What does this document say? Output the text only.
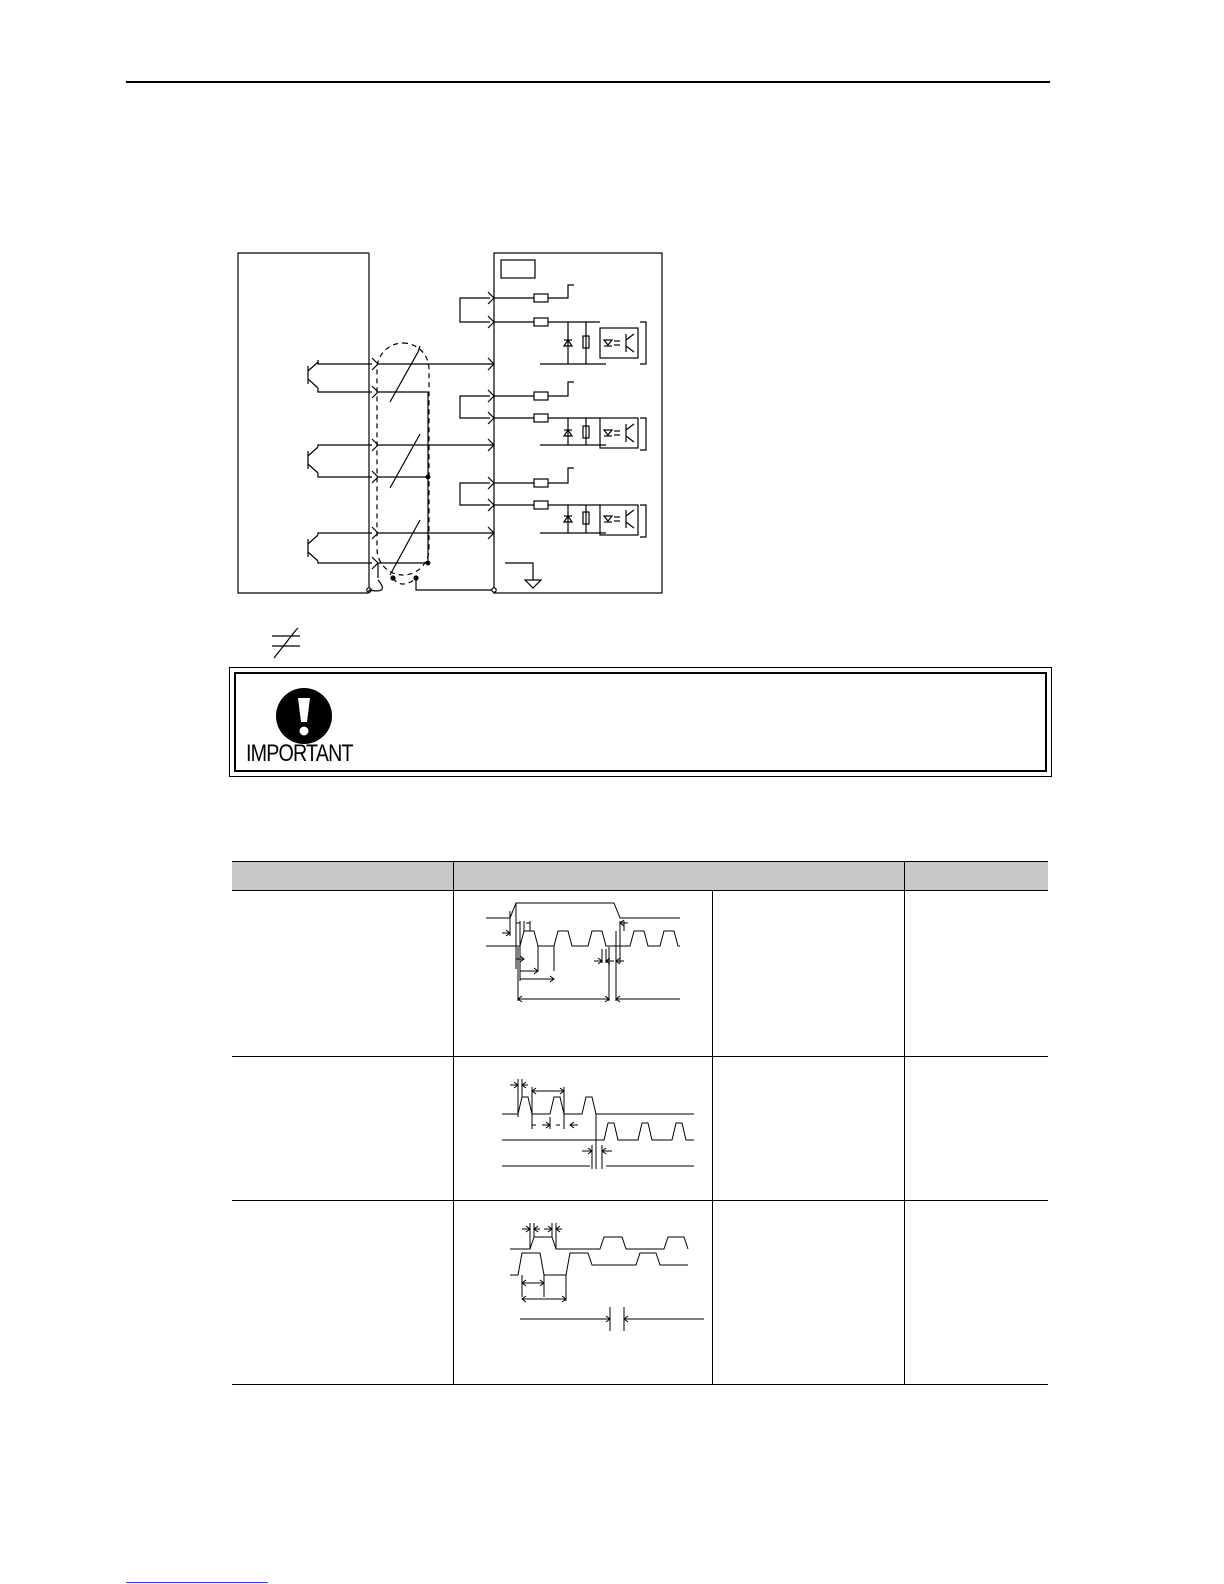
IMPORTANT
